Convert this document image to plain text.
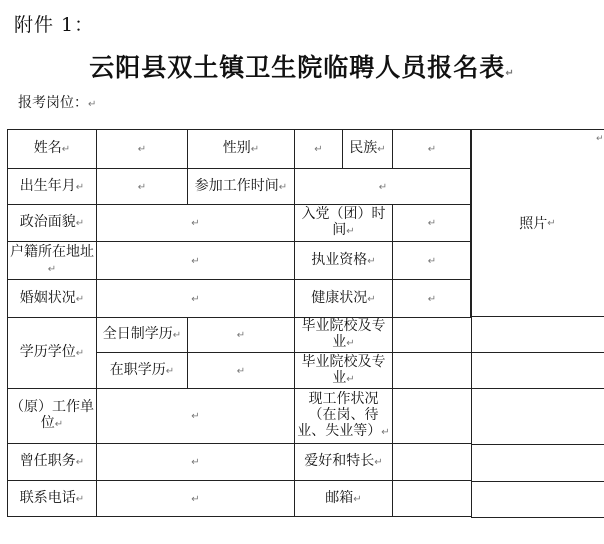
附件 1：
云阳县双土镇卫生院临聘人员报名表↵
报考岗位：↵
照片 ↵
姓名↵	↵	性别↵	↵	民族↵	↵
出生年月↵	↵	参加工作时间↵	↵		
政治面貌↵	↵		入党（团）时间↵		↵
户籍所在地址↵	↵		执业资格↵		↵
婚姻状况↵	↵		健康状况↵		↵
学历学位↵	全日制学历↵	↵	毕业院校及专业↵		
	在职学历↵	↵	毕业院校及专业↵		
（原）工作单位↵	↵		现工作状况（在岗、待业、失业等）↵		
曾任职务↵	↵		爱好和特长↵		
联系电话↵	↵		邮箱↵		
↵
